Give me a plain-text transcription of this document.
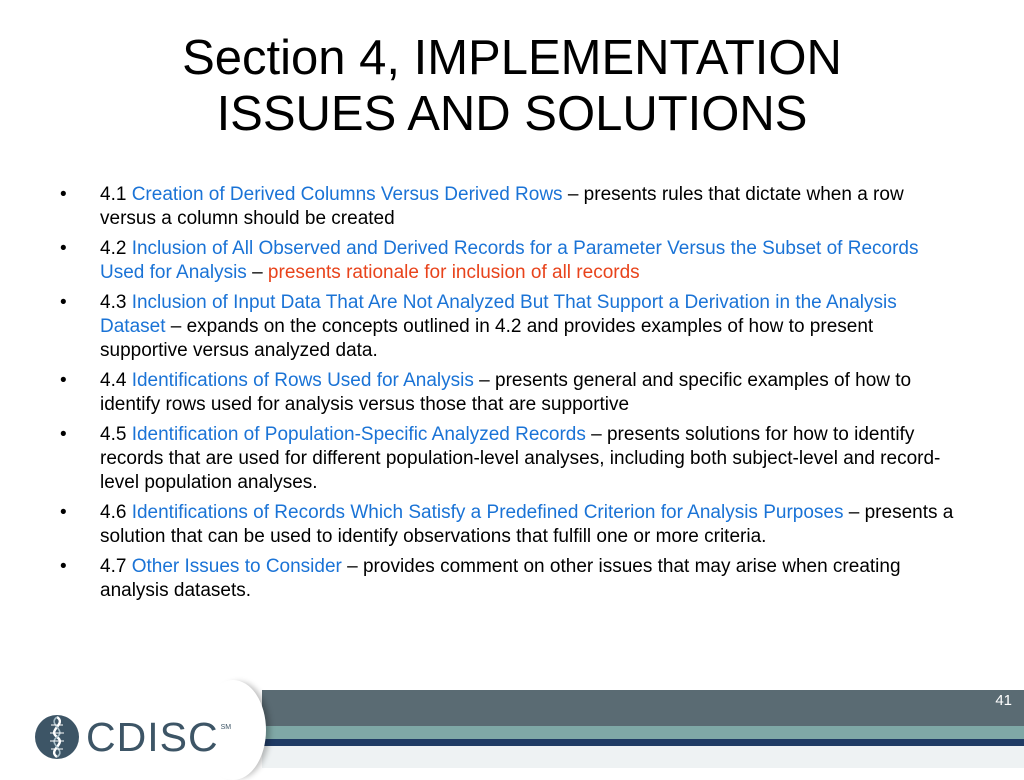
Section 4, IMPLEMENTATION
ISSUES AND SOLUTIONS
• 4.1 Creation of Derived Columns Versus Derived Rows – presents rules that dictate when a row versus a column should be created
• 4.2 Inclusion of All Observed and Derived Records for a Parameter Versus the Subset of Records Used for Analysis – presents rationale for inclusion of all records
• 4.3 Inclusion of Input Data That Are Not Analyzed But That Support a Derivation in the Analysis Dataset – expands on the concepts outlined in 4.2 and provides examples of how to present supportive versus analyzed data.
• 4.4 Identifications of Rows Used for Analysis – presents general and specific examples of how to identify rows used for analysis versus those that are supportive
• 4.5 Identification of Population-Specific Analyzed Records – presents solutions for how to identify records that are used for different population-level analyses, including both subject-level and record-level population analyses.
• 4.6 Identifications of Records Which Satisfy a Predefined Criterion for Analysis Purposes – presents a solution that can be used to identify observations that fulfill one or more criteria.
• 4.7 Other Issues to Consider – provides comment on other issues that may arise when creating analysis datasets.
41
CDISC SM
